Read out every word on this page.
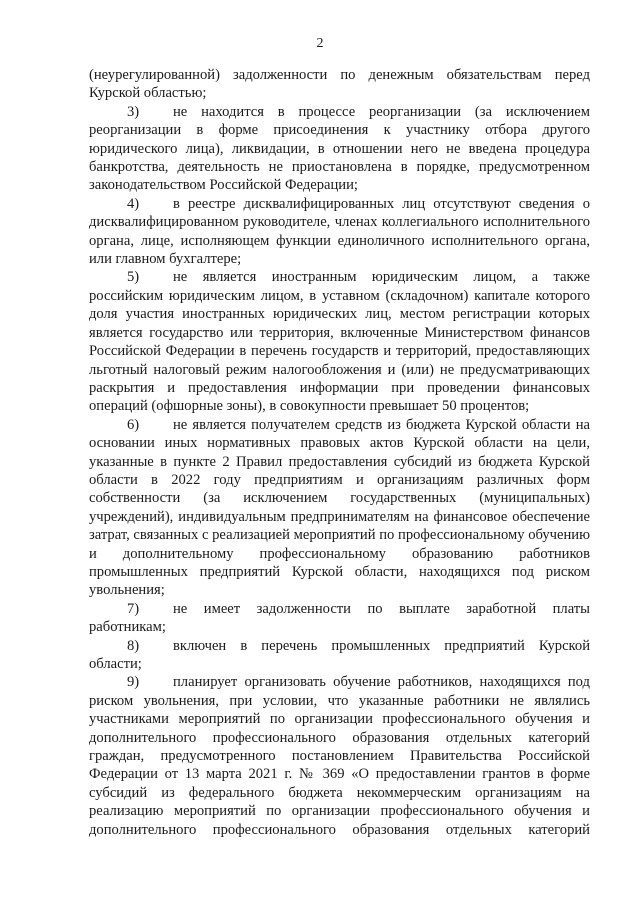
2

(неурегулированной) задолженности по денежным обязательствам перед Курской областью;

3) не находится в процессе реорганизации (за исключением реорганизации в форме присоединения к участнику отбора другого юридического лица), ликвидации, в отношении него не введена процедура банкротства, деятельность не приостановлена в порядке, предусмотренном законодательством Российской Федерации;

4) в реестре дисквалифицированных лиц отсутствуют сведения о дисквалифицированном руководителе, членах коллегиального исполнительного органа, лице, исполняющем функции единоличного исполнительного органа, или главном бухгалтере;

5) не является иностранным юридическим лицом, а также российским юридическим лицом, в уставном (складочном) капитале которого доля участия иностранных юридических лиц, местом регистрации которых является государство или территория, включенные Министерством финансов Российской Федерации в перечень государств и территорий, предоставляющих льготный налоговый режим налогообложения и (или) не предусматривающих раскрытия и предоставления информации при проведении финансовых операций (офшорные зоны), в совокупности превышает 50 процентов;

6) не является получателем средств из бюджета Курской области на основании иных нормативных правовых актов Курской области на цели, указанные в пункте 2 Правил предоставления субсидий из бюджета Курской области в 2022 году предприятиям и организациям различных форм собственности (за исключением государственных (муниципальных) учреждений), индивидуальным предпринимателям на финансовое обеспечение затрат, связанных с реализацией мероприятий по профессиональному обучению и дополнительному профессиональному образованию работников промышленных предприятий Курской области, находящихся под риском увольнения;

7) не имеет задолженности по выплате заработной платы работникам;

8) включен в перечень промышленных предприятий Курской области;

9) планирует организовать обучение работников, находящихся под риском увольнения, при условии, что указанные работники не являлись участниками мероприятий по организации профессионального обучения и дополнительного профессионального образования отдельных категорий граждан, предусмотренного постановлением Правительства Российской Федерации от 13 марта 2021 г. № 369 «О предоставлении грантов в форме субсидий из федерального бюджета некоммерческим организациям на реализацию мероприятий по организации профессионального обучения и дополнительного профессионального образования отдельных категорий
